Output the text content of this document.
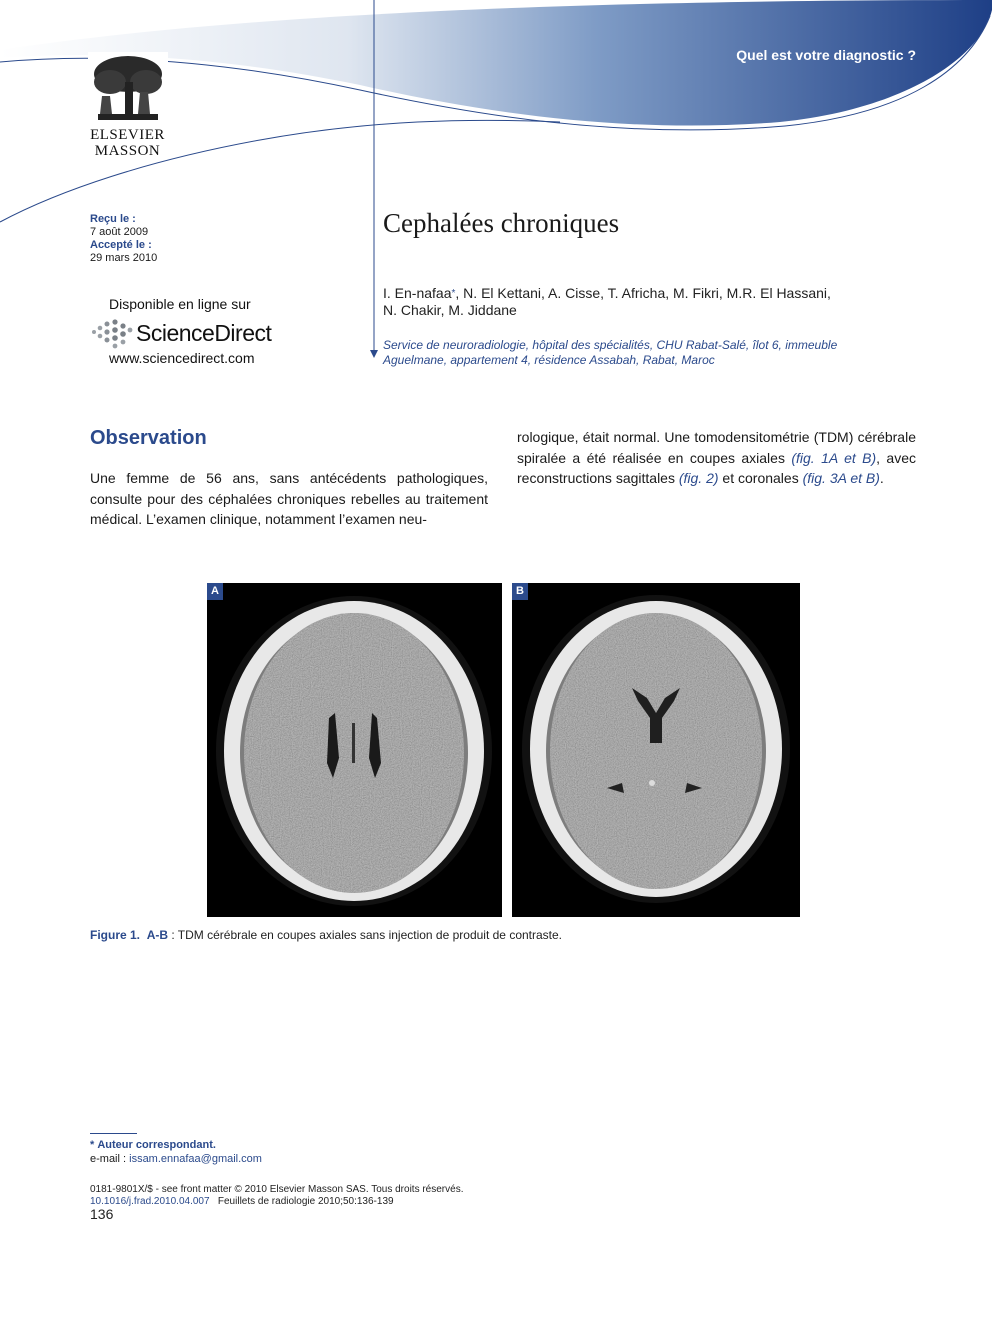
Quel est votre diagnostic ?
ELSEVIER
MASSON
Reçu le :
7 août 2009
Accepté le :
29 mars 2010
Disponible en ligne sur
ScienceDirect
www.sciencedirect.com
Cephalées chroniques
I. En-nafaa*, N. El Kettani, A. Cisse, T. Africha, M. Fikri, M.R. El Hassani,
N. Chakir, M. Jiddane
Service de neuroradiologie, hôpital des spécialités, CHU Rabat-Salé, îlot 6, immeuble Aguelmane, appartement 4, résidence Assabah, Rabat, Maroc
Observation
Une femme de 56 ans, sans antécédents pathologiques, consulte pour des céphalées chroniques rebelles au traitement médical. L’examen clinique, notamment l’examen neu-
rologique, était normal. Une tomodensitométrie (TDM) cérébrale spiralée a été réalisée en coupes axiales (fig. 1A et B), avec reconstructions sagittales (fig. 2) et coronales (fig. 3A et B).
A	B
Figure 1. A-B : TDM cérébrale en coupes axiales sans injection de produit de contraste.
* Auteur correspondant.
e-mail : issam.ennafaa@gmail.com
0181-9801X/$ - see front matter © 2010 Elsevier Masson SAS. Tous droits réservés.
10.1016/j.frad.2010.04.007 Feuillets de radiologie 2010;50:136-139
136
